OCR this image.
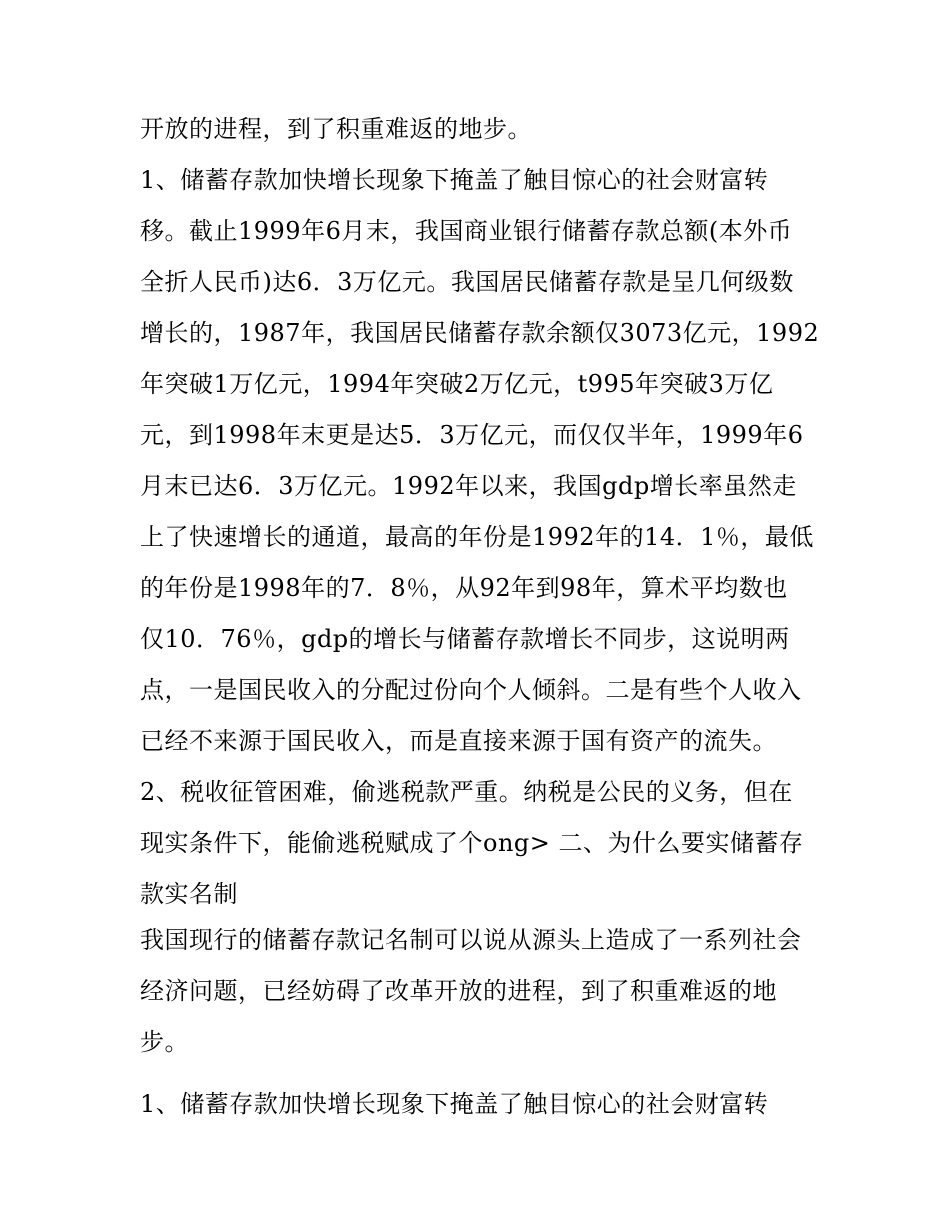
开放的进程，到了积重难返的地步。
1、储蓄存款加快增长现象下掩盖了触目惊心的社会财富转
移。截止1999年6月末，我国商业银行储蓄存款总额(本外币
全折人民币)达6．3万亿元。我国居民储蓄存款是呈几何级数
增长的，1987年，我国居民储蓄存款余额仅3073亿元，1992
年突破1万亿元，1994年突破2万亿元，t995年突破3万亿
元，到1998年末更是达5．3万亿元，而仅仅半年，1999年6
月末已达6．3万亿元。1992年以来，我国gdp增长率虽然走
上了快速增长的通道，最高的年份是1992年的14．1％，最低
的年份是1998年的7．8％，从92年到98年，算术平均数也
仅10．76％，gdp的增长与储蓄存款增长不同步，这说明两
点，一是国民收入的分配过份向个人倾斜。二是有些个人收入
已经不来源于国民收入，而是直接来源于国有资产的流失。
2、税收征管困难，偷逃税款严重。纳税是公民的义务，但在
现实条件下，能偷逃税赋成了个ong> 二、为什么要实储蓄存
款实名制
我国现行的储蓄存款记名制可以说从源头上造成了一系列社会
经济问题，已经妨碍了改革开放的进程，到了积重难返的地
步。
1、储蓄存款加快增长现象下掩盖了触目惊心的社会财富转
